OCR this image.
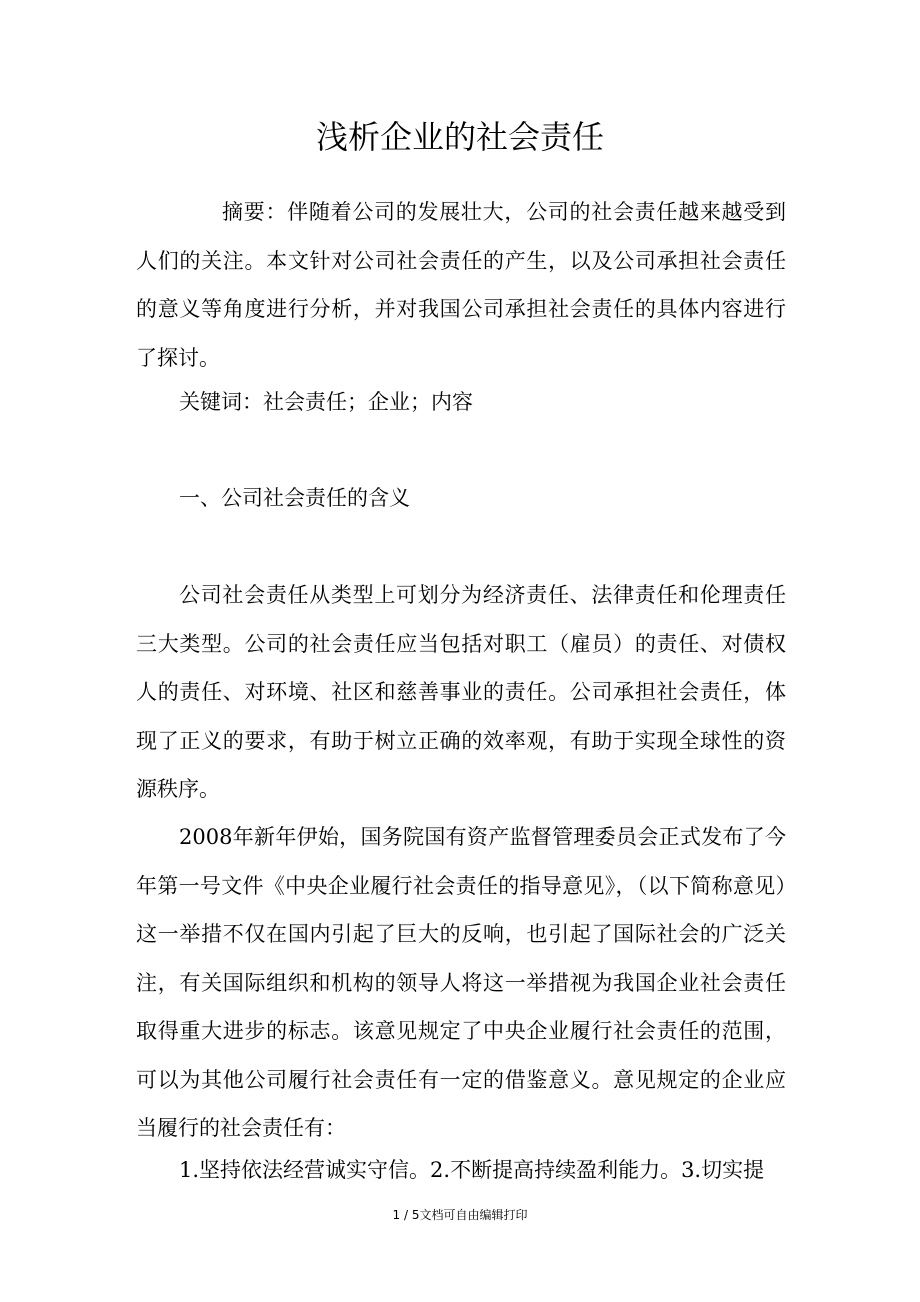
浅析企业的社会责任

摘要：伴随着公司的发展壮大，公司的社会责任越来越受到人们的关注。本文针对公司社会责任的产生，以及公司承担社会责任的意义等角度进行分析，并对我国公司承担社会责任的具体内容进行了探讨。

关键词：社会责任；企业；内容

一、公司社会责任的含义

公司社会责任从类型上可划分为经济责任、法律责任和伦理责任三大类型。公司的社会责任应当包括对职工（雇员）的责任、对债权人的责任、对环境、社区和慈善事业的责任。公司承担社会责任，体现了正义的要求，有助于树立正确的效率观，有助于实现全球性的资源秩序。

2008年新年伊始，国务院国有资产监督管理委员会正式发布了今年第一号文件《中央企业履行社会责任的指导意见》，（以下简称意见）这一举措不仅在国内引起了巨大的反响，也引起了国际社会的广泛关注，有关国际组织和机构的领导人将这一举措视为我国企业社会责任取得重大进步的标志。该意见规定了中央企业履行社会责任的范围，可以为其他公司履行社会责任有一定的借鉴意义。意见规定的企业应当履行的社会责任有：

1.坚持依法经营诚实守信。2.不断提高持续盈利能力。3.切实提

1 / 5文档可自由编辑打印
